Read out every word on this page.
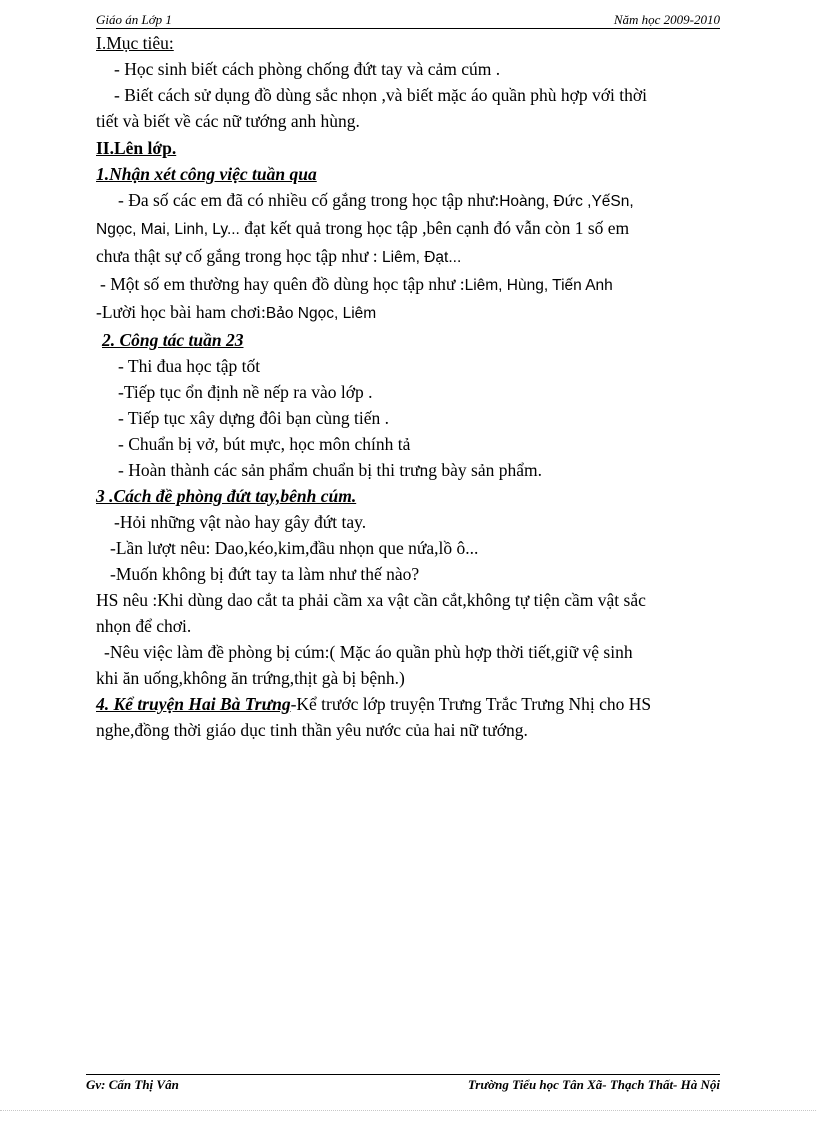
Giáo án Lớp 1	Năm học 2009-2010
I.Mục tiêu:
- Học sinh biết cách phòng chống đứt tay và cảm cúm .
- Biết cách sử dụng đồ dùng sắc nhọn ,và biết mặc áo quần phù hợp với thời
tiết và biết về các nữ tướng anh hùng.
II.Lên lớp.
1.Nhận xét công việc tuần qua
- Đa số các em đã có nhiều cố gắng trong học tập như:Hoàng, Đức ,YếSn,
Ngọc, Mai, Linh, Ly... đạt kết quả trong học tập ,bên cạnh đó vẫn còn 1 số em
chưa thật sự cố gắng trong học tập như : Liêm, Đạt...
- Một số em thường hay quên đồ dùng học tập như :Liêm, Hùng, Tiến Anh
-Lười học bài ham chơi:Bảo Ngọc, Liêm
2. Công tác tuần 23
- Thi đua học tập tốt
-Tiếp tục ổn định nề nếp ra vào lớp .
- Tiếp tục xây dựng đôi bạn cùng tiến .
- Chuẩn bị vở, bút mực, học môn chính tả
- Hoàn thành các sản phẩm chuẩn bị thi trưng bày sản phẩm.
3 .Cách đề phòng đứt tay,bênh cúm.
-Hỏi những vật nào hay gây đứt tay.
-Lần lượt nêu: Dao,kéo,kim,đầu nhọn que nứa,lồ ô...
-Muốn không bị đứt tay ta làm như thế nào?
HS nêu :Khi dùng dao cắt ta phải cầm xa vật cần cắt,không tự tiện cầm vật sắc
nhọn để chơi.
-Nêu việc làm đề phòng bị cúm:( Mặc áo quần phù hợp thời tiết,giữ vệ sinh
khi ăn uống,không ăn trứng,thịt gà bị bệnh.)
4. Kể truyện Hai Bà Trưng-Kể trước lớp truyện Trưng Trắc Trưng Nhị cho HS
nghe,đồng thời giáo dục tinh thần yêu nước của hai nữ tướng.
Gv: Cấn Thị Vân	Trường Tiểu học Tân Xã- Thạch Thất- Hà Nội
